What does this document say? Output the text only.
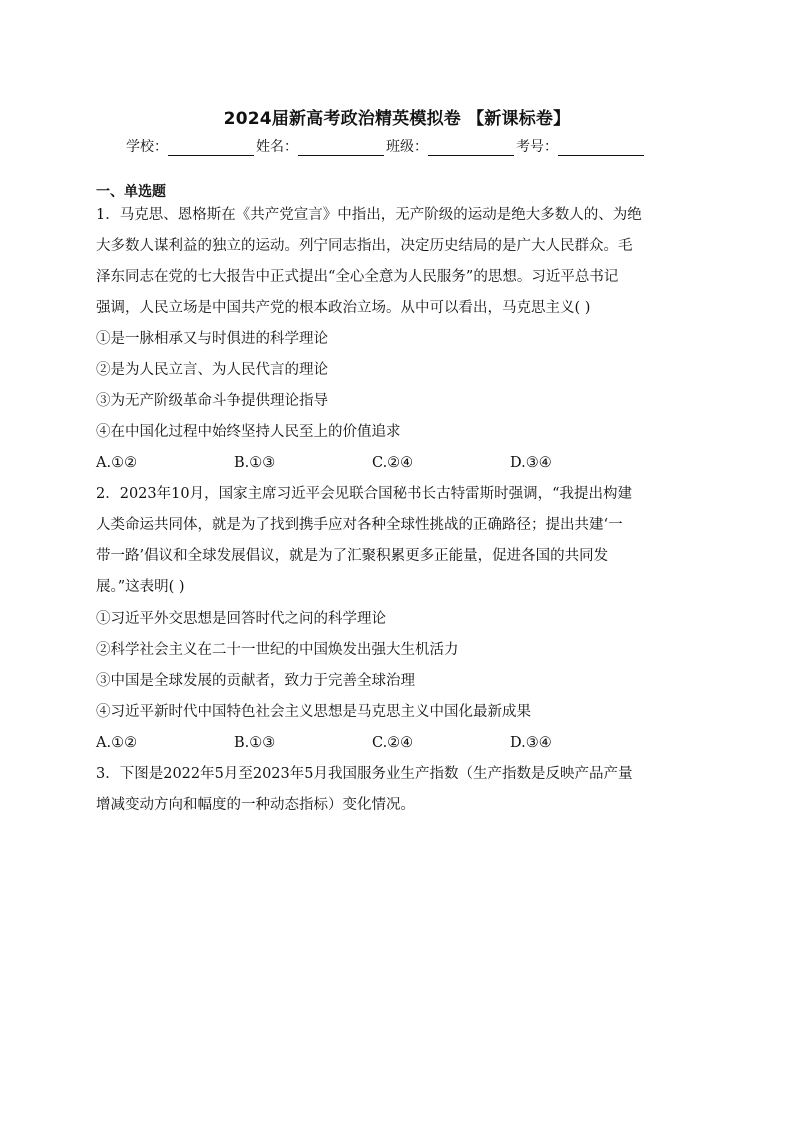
2024届新高考政治精英模拟卷 【新课标卷】
学校：	姓名：	班级：	考号：
一、单选题
1．马克思、恩格斯在《共产党宣言》中指出，无产阶级的运动是绝大多数人的、为绝
大多数人谋利益的独立的运动。列宁同志指出，决定历史结局的是广大人民群众。毛
泽东同志在党的七大报告中正式提出“全心全意为人民服务”的思想。习近平总书记
强调，人民立场是中国共产党的根本政治立场。从中可以看出，马克思主义( )
①是一脉相承又与时俱进的科学理论
②是为人民立言、为人民代言的理论
③为无产阶级革命斗争提供理论指导
④在中国化过程中始终坚持人民至上的价值追求
A.①②	B.①③	C.②④	D.③④
2．2023年10月，国家主席习近平会见联合国秘书长古特雷斯时强调，“我提出构建
人类命运共同体，就是为了找到携手应对各种全球性挑战的正确路径；提出共建‘一
带一路’倡议和全球发展倡议，就是为了汇聚积累更多正能量，促进各国的共同发
展。”这表明( )
①习近平外交思想是回答时代之问的科学理论
②科学社会主义在二十一世纪的中国焕发出强大生机活力
③中国是全球发展的贡献者，致力于完善全球治理
④习近平新时代中国特色社会主义思想是马克思主义中国化最新成果
A.①②	B.①③	C.②④	D.③④
3．下图是2022年5月至2023年5月我国服务业生产指数（生产指数是反映产品产量
增减变动方向和幅度的一种动态指标）变化情况。
